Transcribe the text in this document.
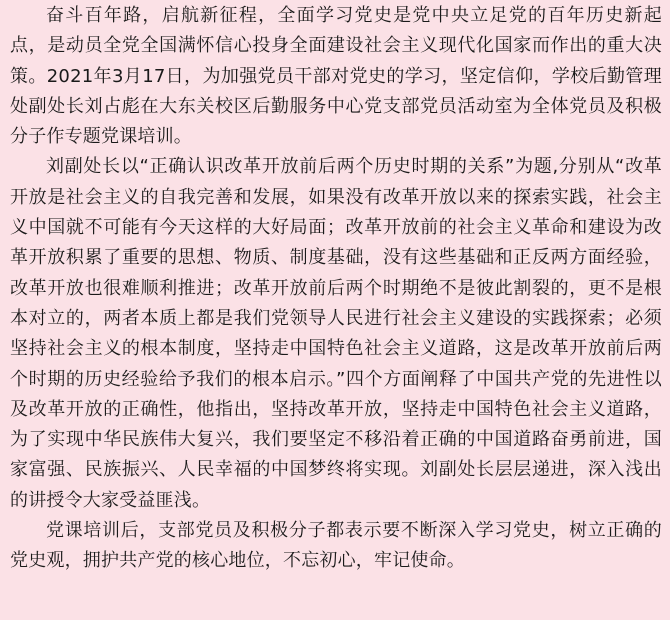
奋斗百年路，启航新征程，全面学习党史是党中央立足党的百年历史新起点，是动员全党全国满怀信心投身全面建设社会主义现代化国家而作出的重大决策。2021年3月17日，为加强党员干部对党史的学习，坚定信仰，学校后勤管理处副处长刘占彪在大东关校区后勤服务中心党支部党员活动室为全体党员及积极分子作专题党课培训。

刘副处长以“正确认识改革开放前后两个历史时期的关系”为题,分别从“改革开放是社会主义的自我完善和发展，如果没有改革开放以来的探索实践，社会主义中国就不可能有今天这样的大好局面；改革开放前的社会主义革命和建设为改革开放积累了重要的思想、物质、制度基础，没有这些基础和正反两方面经验，改革开放也很难顺利推进；改革开放前后两个时期绝不是彼此割裂的，更不是根本对立的，两者本质上都是我们党领导人民进行社会主义建设的实践探索；必须坚持社会主义的根本制度，坚持走中国特色社会主义道路，这是改革开放前后两个时期的历史经验给予我们的根本启示。”四个方面阐释了中国共产党的先进性以及改革开放的正确性，他指出，坚持改革开放，坚持走中国特色社会主义道路，为了实现中华民族伟大复兴，我们要坚定不移沿着正确的中国道路奋勇前进，国家富强、民族振兴、人民幸福的中国梦终将实现。刘副处长层层递进，深入浅出的讲授令大家受益匪浅。

党课培训后，支部党员及积极分子都表示要不断深入学习党史，树立正确的党史观，拥护共产党的核心地位，不忘初心，牢记使命。
